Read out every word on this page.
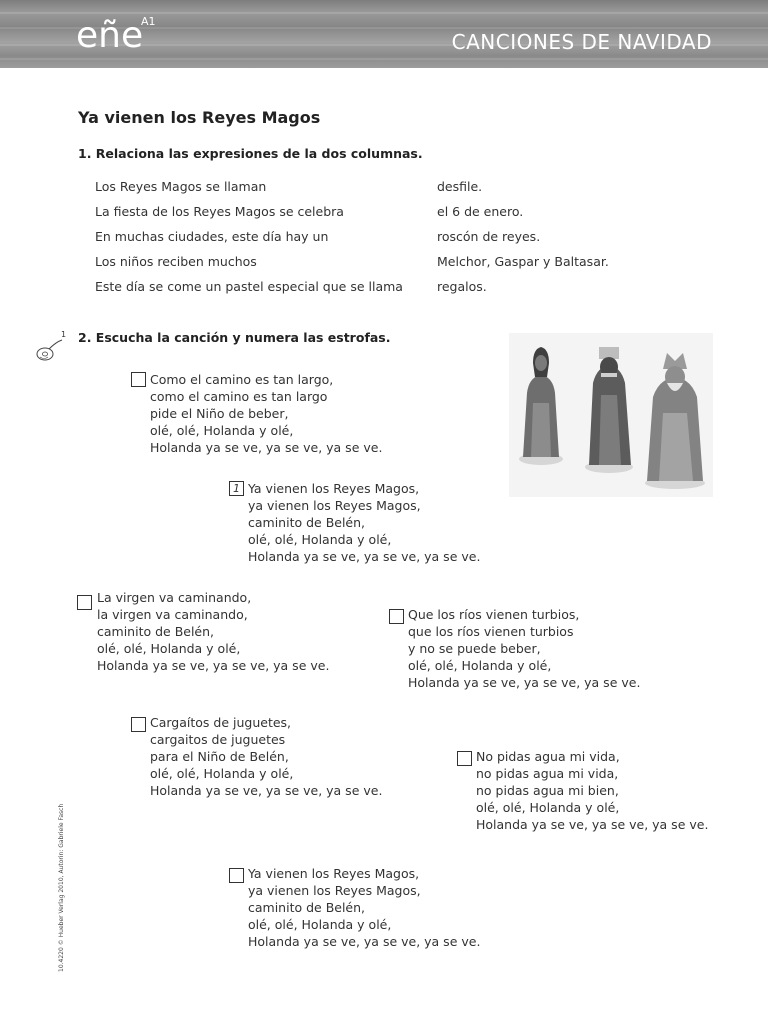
eñe
A1
CANCIONES DE NAVIDAD
Ya vienen los Reyes Magos
1. Relaciona las expresiones de la dos columnas.
Los Reyes Magos se llaman
La fiesta de los Reyes Magos se celebra
En muchas ciudades, este día hay un
Los niños reciben muchos
Este día se come un pastel especial que se llama
desfile.
el 6 de enero.
roscón de reyes.
Melchor, Gaspar y Baltasar.
regalos.
1 2. Escucha la canción y numera las estrofas.
Como el camino es tan largo,
como el camino es tan largo
pide el Niño de beber,
olé, olé, Holanda y olé,
Holanda ya se ve, ya se ve, ya se ve.
1 Ya vienen los Reyes Magos,
ya vienen los Reyes Magos,
caminito de Belén,
olé, olé, Holanda y olé,
Holanda ya se ve, ya se ve, ya se ve.
La virgen va caminando,
la virgen va caminando,
caminito de Belén,
olé, olé, Holanda y olé,
Holanda ya se ve, ya se ve, ya se ve.
Que los ríos vienen turbios,
que los ríos vienen turbios
y no se puede beber,
olé, olé, Holanda y olé,
Holanda ya se ve, ya se ve, ya se ve.
Cargaítos de juguetes,
cargaitos de juguetes
para el Niño de Belén,
olé, olé, Holanda y olé,
Holanda ya se ve, ya se ve, ya se ve.
No pidas agua mi vida,
no pidas agua mi vida,
no pidas agua mi bien,
olé, olé, Holanda y olé,
Holanda ya se ve, ya se ve, ya se ve.
Ya vienen los Reyes Magos,
ya vienen los Reyes Magos,
caminito de Belén,
olé, olé, Holanda y olé,
Holanda ya se ve, ya se ve, ya se ve.
10.4220 © Hueber Verlag 2010, Autorin: Gabriele Fasch
